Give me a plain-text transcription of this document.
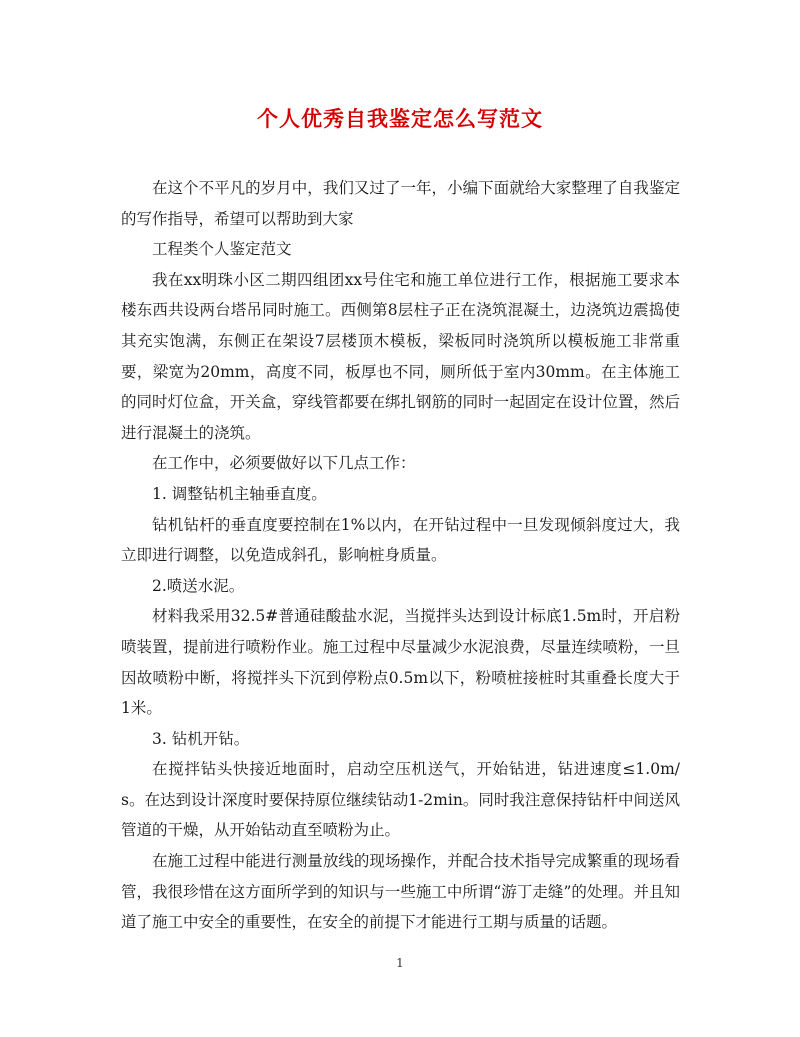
个人优秀自我鉴定怎么写范文

在这个不平凡的岁月中，我们又过了一年，小编下面就给大家整理了自我鉴定的写作指导，希望可以帮助到大家

工程类个人鉴定范文

我在xx明珠小区二期四组团xx号住宅和施工单位进行工作，根据施工要求本楼东西共设两台塔吊同时施工。西侧第8层柱子正在浇筑混凝土，边浇筑边震捣使其充实饱满，东侧正在架设7层楼顶木模板，梁板同时浇筑所以模板施工非常重要，梁宽为20mm，高度不同，板厚也不同，厕所低于室内30mm。在主体施工的同时灯位盒，开关盒，穿线管都要在绑扎钢筋的同时一起固定在设计位置，然后进行混凝土的浇筑。

在工作中，必须要做好以下几点工作：

1. 调整钻机主轴垂直度。

钻机钻杆的垂直度要控制在1%以内，在开钻过程中一旦发现倾斜度过大，我立即进行调整，以免造成斜孔，影响桩身质量。

2.喷送水泥。

材料我采用32.5#普通硅酸盐水泥，当搅拌头达到设计标底1.5m时，开启粉喷装置，提前进行喷粉作业。施工过程中尽量减少水泥浪费，尽量连续喷粉，一旦因故喷粉中断，将搅拌头下沉到停粉点0.5m以下，粉喷桩接桩时其重叠长度大于1米。

3. 钻机开钻。

在搅拌钻头快接近地面时，启动空压机送气，开始钻进，钻进速度≤1.0m/s。在达到设计深度时要保持原位继续钻动1-2min。同时我注意保持钻杆中间送风管道的干燥，从开始钻动直至喷粉为止。

在施工过程中能进行测量放线的现场操作，并配合技术指导完成繁重的现场看管，我很珍惜在这方面所学到的知识与一些施工中所谓“游丁走缝”的处理。并且知道了施工中安全的重要性，在安全的前提下才能进行工期与质量的话题。

1
